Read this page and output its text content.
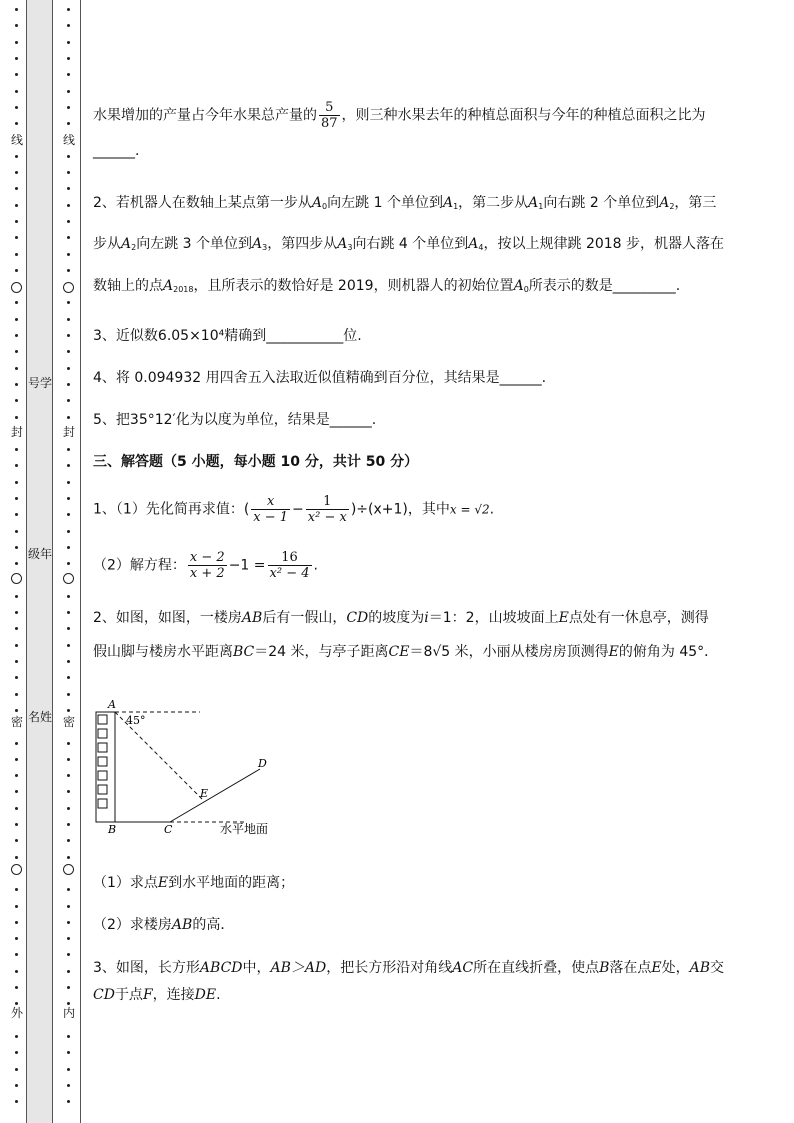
线
封
密
外
号学
级年
名姓
线
封
密
内
水果增加的产量占今年水果总产量的 $\frac{5}{87}$ ，则三种水果去年的种植总面积与今年的种植总面积之比为
______.
2、若机器人在数轴上某点第一步从$A_0$向左跳 1 个单位到$A_1$，第二步从$A_1$向右跳 2 个单位到$A_2$，第三
步从$A_2$向左跳 3 个单位到$A_3$，第四步从$A_3$向右跳 4 个单位到$A_4$，按以上规律跳 2018 步，机器人落在
数轴上的点$A_{2018}$，且所表示的数恰好是 2019，则机器人的初始位置$A_0$所表示的数是_________.
3、近似数6.05×10⁴精确到___________位.
4、将 0.094932 用四舍五入法取近似值精确到百分位，其结果是______.
5、把35°12′化为以度为单位，结果是______.
三、解答题（5 小题，每小题 10 分，共计 50 分）
1、（1）先化简再求值：( $\frac{x}{x - 1} - \frac{1}{\text{x² − x}} )\div(x+1)$，其中x = √2.
（2）解方程： $\frac{x - 2}{x + 2} -1 = \frac{16}{\text{x² − 4}}$ .
2、如图，如图，一楼房AB后有一假山，CD的坡度为i＝1：2，山坡坡面上E点处有一休息亭，测得
假山脚与楼房水平距离BC＝24 米，与亭子距离CE＝8√5 米，小丽从楼房房顶测得E的俯角为 45°．
（1）求点E到水平地面的距离；
（2）求楼房AB的高．
3、如图，长方形ABCD中，AB＞AD，把长方形沿对角线AC所在直线折叠，使点B落在点E处，AB交
CD于点F，连接DE.
A
45°
B	C
D
E
水平地面
